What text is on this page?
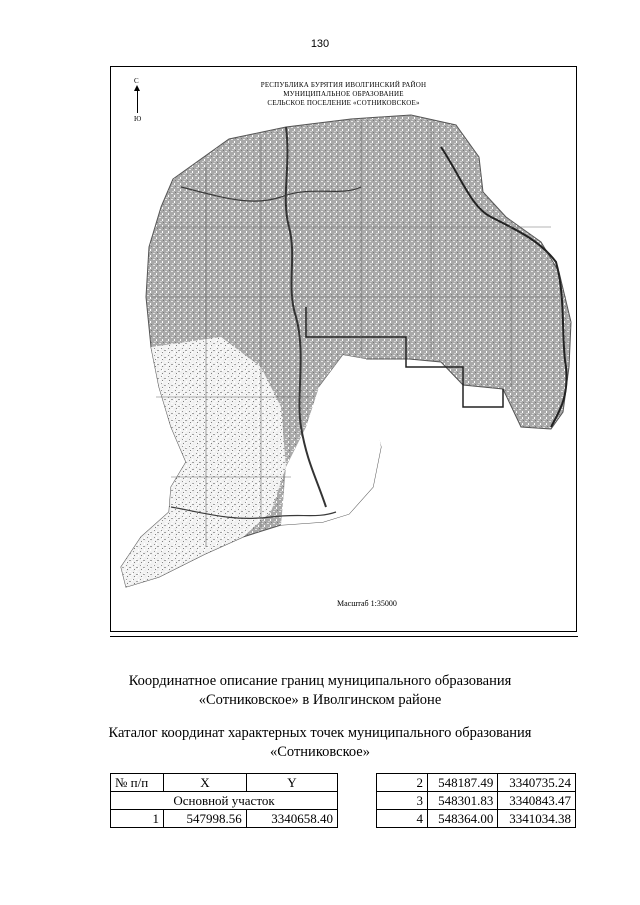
130
С
Ю
РЕСПУБЛИКА БУРЯТИЯ ИВОЛГИНСКИЙ РАЙОН
МУНИЦИПАЛЬНОЕ ОБРАЗОВАНИЕ
СЕЛЬСКОЕ ПОСЕЛЕНИЕ «СОТНИКОВСКОЕ»
Масштаб 1:35000
Координатное описание границ муниципального образования
«Сотниковское» в Иволгинском районе
Каталог координат характерных точек муниципального образования
«Сотниковское»
№ п/п	X	Y
Основной участок		
1	547998.56	3340658.40
2	548187.49	3340735.24
3	548301.83	3340843.47
4	548364.00	3341034.38
